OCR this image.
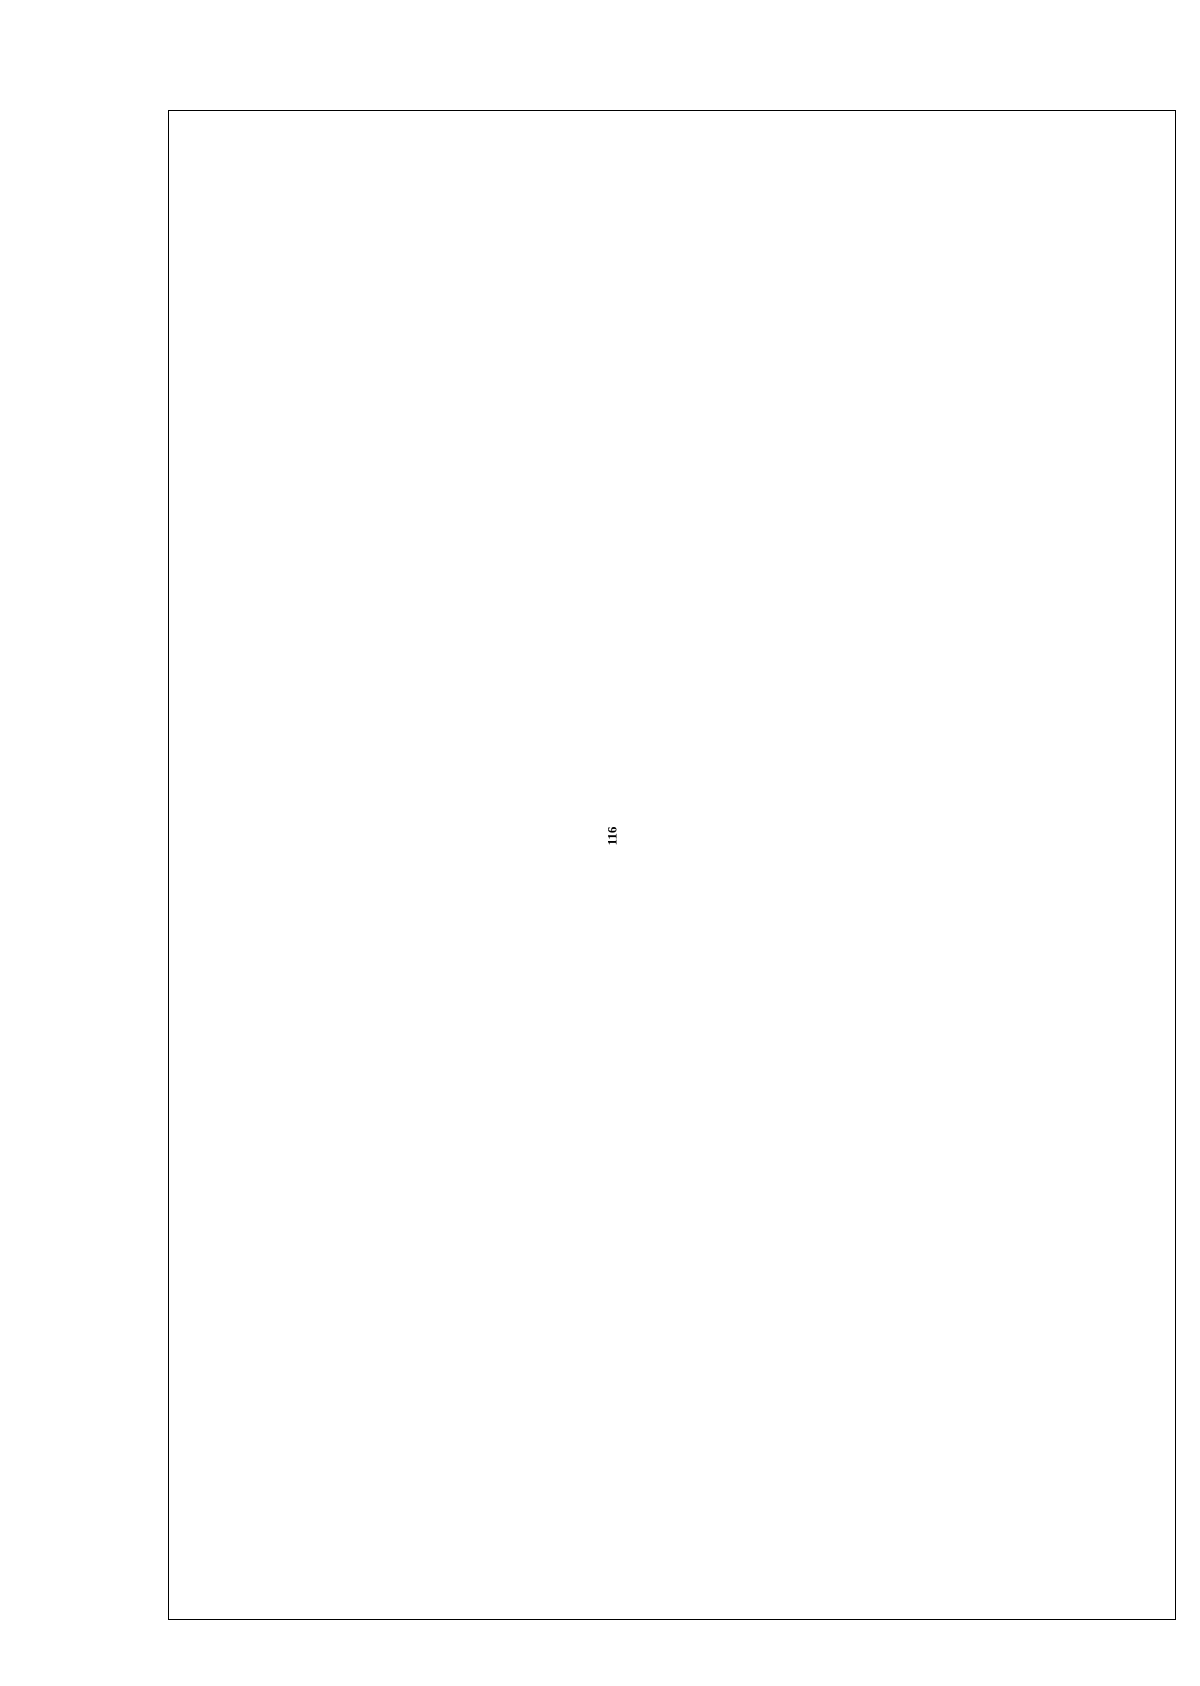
116
